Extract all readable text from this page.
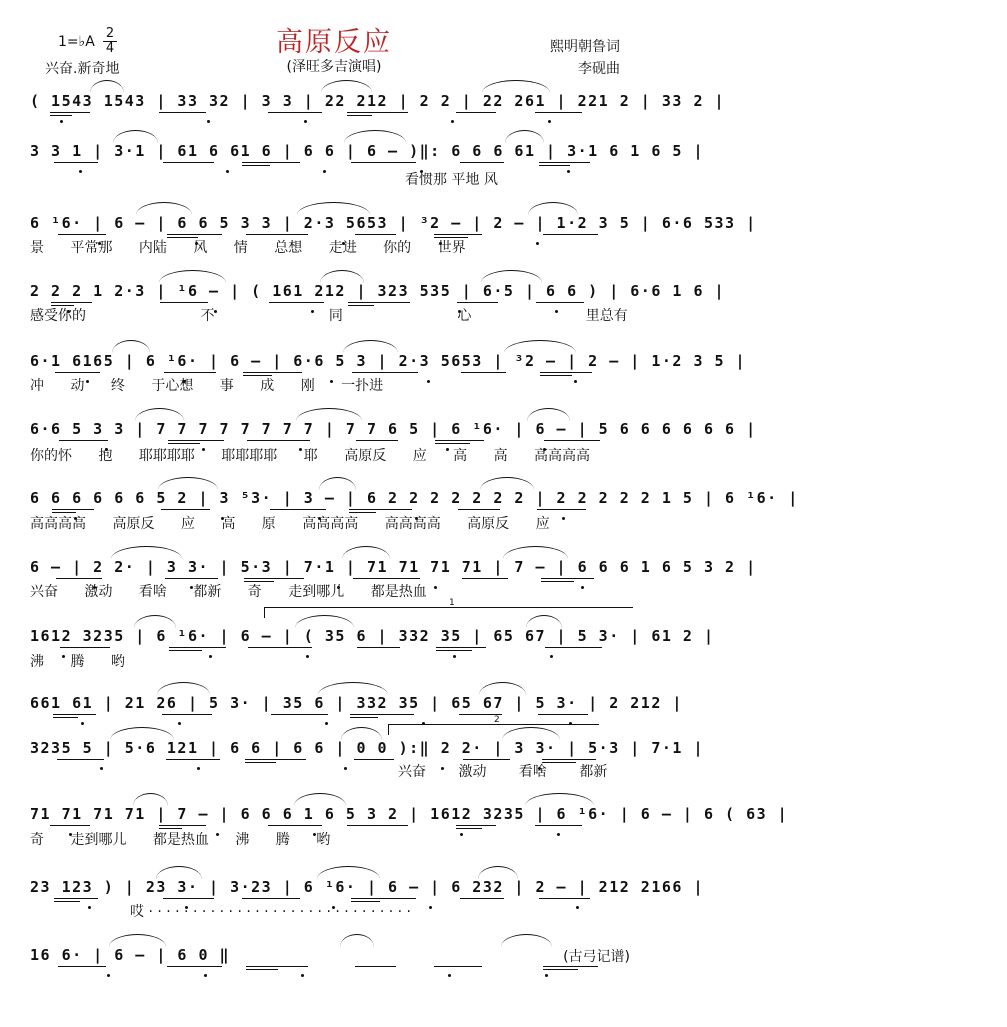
高原反应
(泽旺多吉演唱)
1=♭A
2
4
兴奋.新奇地
熙明朝鲁词
李砚曲
1
2
( 1543 1543 | 33 32 | 3 3 | 22 212 | 2 2 | 22 261 | 221 2 | 33 2 |
3 3 1 | 3·1 | 61 6 61 6 | 6 6 | 6 — )‖: 6 6 6 61 | 3·1 6 1 6 5 |
看惯那 平地 风
6 ¹6· | 6 — | 6 6 5 3 3 | 2·3 5653 | ³2 — | 2 — | 1·2 3 5 | 6·6 533 |
景 平常那 内陆 风 情 总想 走进 你的 世界
2 2 2 1 2·3 | ¹6 — | ( 161 212 | 323 535 | 6·5 | 6 6 ) | 6·6 1 6 |
感受你的 不 同 心 里总有
6·1 6165 | 6 ¹6· | 6 — | 6·6 5 3 | 2·3 5653 | ³2 — | 2 — | 1·2 3 5 |
冲 动 终 于心想 事 成 刚 一扑进
6·6 5 3 3 | 7 7 7 7 7 7 7 7 | 7 7 6 5 | 6 ¹6· | 6 — | 5 6 6 6 6 6 6 |
你的怀 抱 耶耶耶耶 耶耶耶耶 耶 高原反 应 高 高 高高高高
6 6 6 6 6 6 5 2 | 3 ⁵3· | 3 — | 6 2 2 2 2 2 2 2 | 2 2 2 2 2 1 5 | 6 ¹6· |
高高高高 高原反 应 高 原 高高高高 高高高高 高原反 应
6 — | 2 2· | 3 3· | 5·3 | 7·1 | 71 71 71 71 | 7 — | 6 6 6 1 6 5 3 2 |
兴奋 激动 看啥 都新 奇 走到哪儿 都是热血
1612 3235 | 6 ¹6· | 6 — | ( 35 6 | 332 35 | 65 67 | 5 3· | 61 2 |
沸 腾 哟
661 61 | 21 26 | 5 3· | 35 6 | 332 35 | 65 67 | 5 3· | 2 212 |
3235 5 | 5·6 121 | 6 6 | 6 6 | 0 0 ):‖ 2 2· | 3 3· | 5·3 | 7·1 |
兴奋 激动 看啥 都新
71 71 71 71 | 7 — | 6 6 6 1 6 5 3 2 | 1612 3235 | 6 ¹6· | 6 — | 6 ( 63 |
奇 走到哪儿 都是热血 沸 腾 哟
23 123 ) | 23 3· | 3·23 | 6 ¹6· | 6 — | 6 232 | 2 — | 212 2166 |
哎 · · · · · · · · · · · · · · · · · · · · · · · · · · · · · ·
16 6· | 6 — | 6 0 ‖	(古弓记谱)
